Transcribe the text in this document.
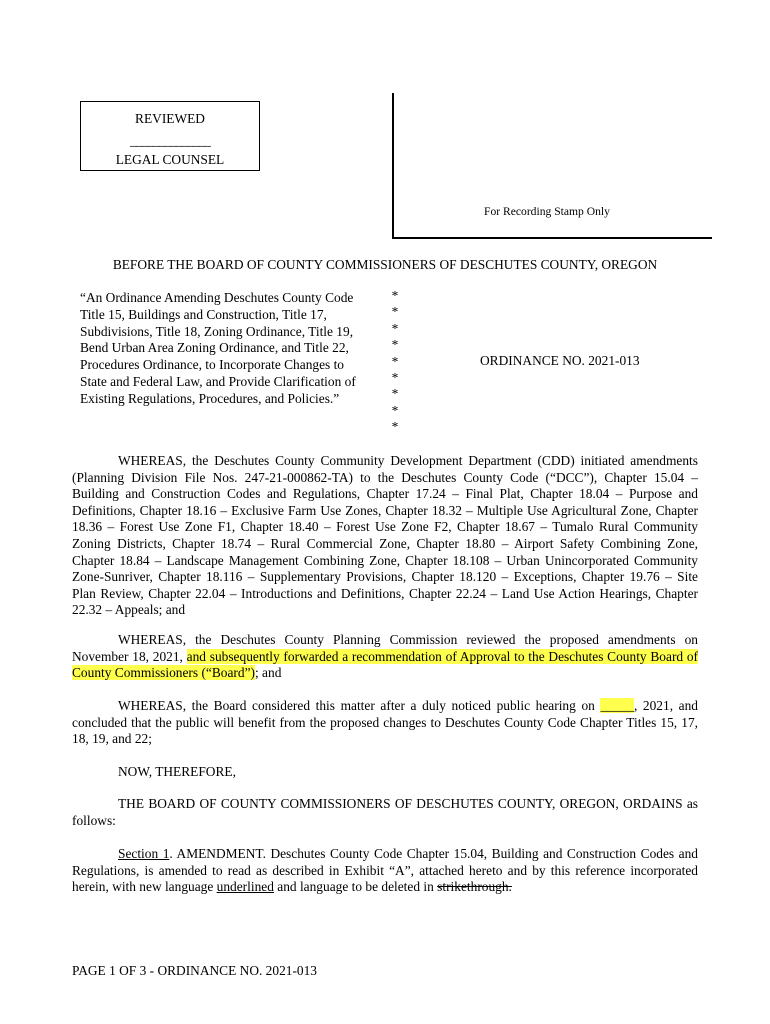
REVIEWED
______________
LEGAL COUNSEL
For Recording Stamp Only
BEFORE THE BOARD OF COUNTY COMMISSIONERS OF DESCHUTES COUNTY, OREGON
“An Ordinance Amending Deschutes County Code
Title 15, Buildings and Construction, Title 17,
Subdivisions, Title 18, Zoning Ordinance, Title 19,
Bend Urban Area Zoning Ordinance, and Title 22,
Procedures Ordinance, to Incorporate Changes to
State and Federal Law, and Provide Clarification of
Existing Regulations, Procedures, and Policies.”
*
*
*
*
*
*
*
*
*
ORDINANCE NO. 2021-013

WHEREAS, the Deschutes County Community Development Department (CDD) initiated amendments (Planning Division File Nos. 247-21-000862-TA) to the Deschutes County Code (“DCC”), Chapter 15.04 – Building and Construction Codes and Regulations, Chapter 17.24 – Final Plat, Chapter 18.04 – Purpose and Definitions, Chapter 18.16 – Exclusive Farm Use Zones, Chapter 18.32 – Multiple Use Agricultural Zone, Chapter 18.36 – Forest Use Zone F1, Chapter 18.40 – Forest Use Zone F2, Chapter 18.67 – Tumalo Rural Community Zoning Districts, Chapter 18.74 – Rural Commercial Zone, Chapter 18.80 – Airport Safety Combining Zone, Chapter 18.84 – Landscape Management Combining Zone, Chapter 18.108 – Urban Unincorporated Community Zone-Sunriver, Chapter 18.116 – Supplementary Provisions, Chapter 18.120 – Exceptions, Chapter 19.76 – Site Plan Review, Chapter 22.04 – Introductions and Definitions, Chapter 22.24 – Land Use Action Hearings, Chapter 22.32 – Appeals; and

WHEREAS, the Deschutes County Planning Commission reviewed the proposed amendments on November 18, 2021, and subsequently forwarded a recommendation of Approval to the Deschutes County Board of County Commissioners (“Board”); and

WHEREAS, the Board considered this matter after a duly noticed public hearing on _____, 2021, and concluded that the public will benefit from the proposed changes to Deschutes County Code Chapter Titles 15, 17, 18, 19, and 22;

NOW, THEREFORE,

THE BOARD OF COUNTY COMMISSIONERS OF DESCHUTES COUNTY, OREGON, ORDAINS as follows:

Section 1. AMENDMENT. Deschutes County Code Chapter 15.04, Building and Construction Codes and Regulations, is amended to read as described in Exhibit “A”, attached hereto and by this reference incorporated herein, with new language underlined and language to be deleted in strikethrough.

PAGE 1 OF 3 - ORDINANCE NO. 2021-013
